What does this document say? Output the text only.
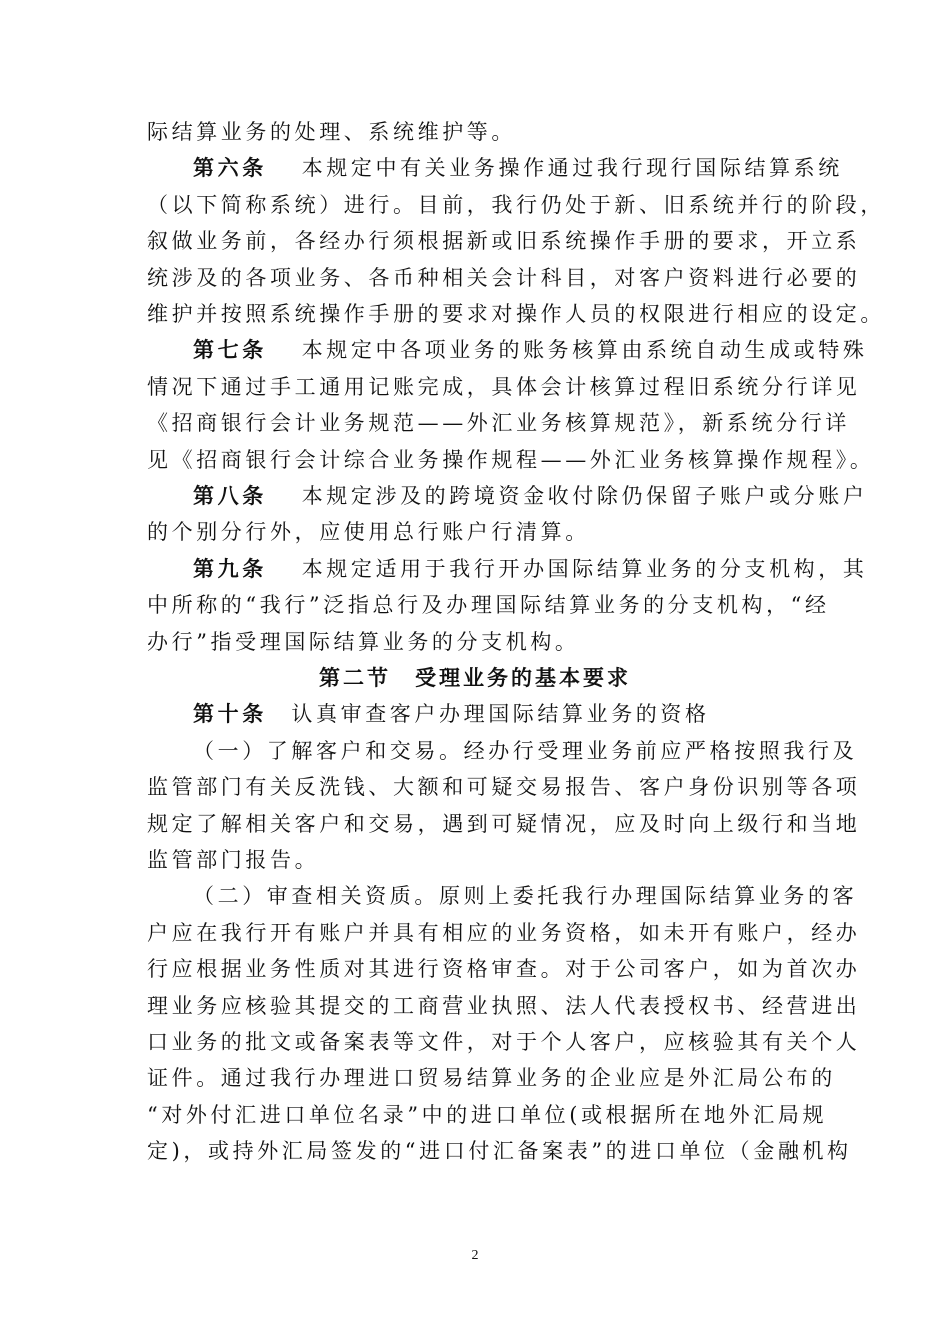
际结算业务的处理、系统维护等。
第六条　 本规定中有关业务操作通过我行现行国际结算系统
（以下简称系统）进行。目前，我行仍处于新、旧系统并行的阶段，
叙做业务前，各经办行须根据新或旧系统操作手册的要求，开立系
统涉及的各项业务、各币种相关会计科目，对客户资料进行必要的
维护并按照系统操作手册的要求对操作人员的权限进行相应的设定。
第七条　 本规定中各项业务的账务核算由系统自动生成或特殊
情况下通过手工通用记账完成，具体会计核算过程旧系统分行详见
《招商银行会计业务规范——外汇业务核算规范》，新系统分行详
见《招商银行会计综合业务操作规程——外汇业务核算操作规程》。
第八条　 本规定涉及的跨境资金收付除仍保留子账户或分账户
的个别分行外，应使用总行账户行清算。
第九条　 本规定适用于我行开办国际结算业务的分支机构，其
中所称的“我行”泛指总行及办理国际结算业务的分支机构，“经
办行”指受理国际结算业务的分支机构。
第二节　受理业务的基本要求
第十条　认真审查客户办理国际结算业务的资格
（一）了解客户和交易。经办行受理业务前应严格按照我行及
监管部门有关反洗钱、大额和可疑交易报告、客户身份识别等各项
规定了解相关客户和交易，遇到可疑情况，应及时向上级行和当地
监管部门报告。
（二）审查相关资质。原则上委托我行办理国际结算业务的客
户应在我行开有账户并具有相应的业务资格，如未开有账户，经办
行应根据业务性质对其进行资格审查。对于公司客户，如为首次办
理业务应核验其提交的工商营业执照、法人代表授权书、经营进出
口业务的批文或备案表等文件，对于个人客户，应核验其有关个人
证件。通过我行办理进口贸易结算业务的企业应是外汇局公布的
“对外付汇进口单位名录”中的进口单位(或根据所在地外汇局规
定)，或持外汇局签发的“进口付汇备案表”的进口单位（金融机构
2
